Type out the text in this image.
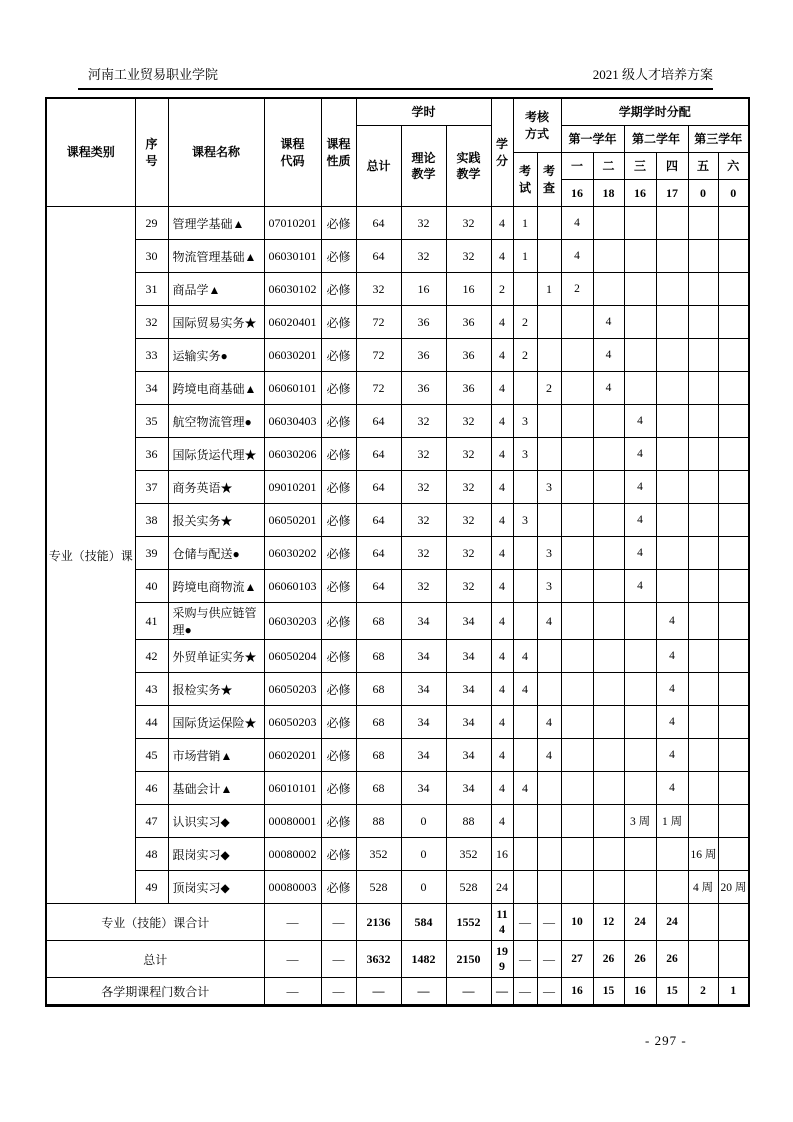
河南工业贸易职业学院	2021 级人才培养方案
课程类别	序号	课程名称	课程代码	课程性质	学时			学分	考核方式		学期学时分配					
					总计	理论教学	实践教学				第一学年		第二学年		第三学年	
									考试	考查	一	二	三	四	五	六
											16	18	16	17	0	0
专业（技能）课	29	管理学基础▲	07010201	必修	64	32	32	4	1		4					
	30	物流管理基础▲	06030101	必修	64	32	32	4	1		4					
	31	商品学▲	06030102	必修	32	16	16	2		1	2					
	32	国际贸易实务★	06020401	必修	72	36	36	4	2			4				
	33	运输实务●	06030201	必修	72	36	36	4	2			4				
	34	跨境电商基础▲	06060101	必修	72	36	36	4		2		4				
	35	航空物流管理●	06030403	必修	64	32	32	4	3				4			
	36	国际货运代理★	06030206	必修	64	32	32	4	3				4			
	37	商务英语★	09010201	必修	64	32	32	4		3			4			
	38	报关实务★	06050201	必修	64	32	32	4	3				4			
	39	仓储与配送●	06030202	必修	64	32	32	4		3			4			
	40	跨境电商物流▲	06060103	必修	64	32	32	4		3			4			
	41	采购与供应链管理●	06030203	必修	68	34	34	4		4				4		
	42	外贸单证实务★	06050204	必修	68	34	34	4	4					4		
	43	报检实务★	06050203	必修	68	34	34	4	4					4		
	44	国际货运保险★	06050203	必修	68	34	34	4		4				4		
	45	市场营销▲	06020201	必修	68	34	34	4		4				4		
	46	基础会计▲	06010101	必修	68	34	34	4	4					4		
	47	认识实习◆	00080001	必修	88	0	88	4					3 周	1 周		
	48	跟岗实习◆	00080002	必修	352	0	352	16							16 周	
	49	顶岗实习◆	00080003	必修	528	0	528	24							4 周	20 周
专业（技能）课合计			—	—	2136	584	1552	114	—	—	10	12	24	24		
总计			—	—	3632	1482	2150	199	—	—	27	26	26	26		
各学期课程门数合计			—	—	—	—	—	—	—	—	16	15	16	15	2	1
- 297 -
